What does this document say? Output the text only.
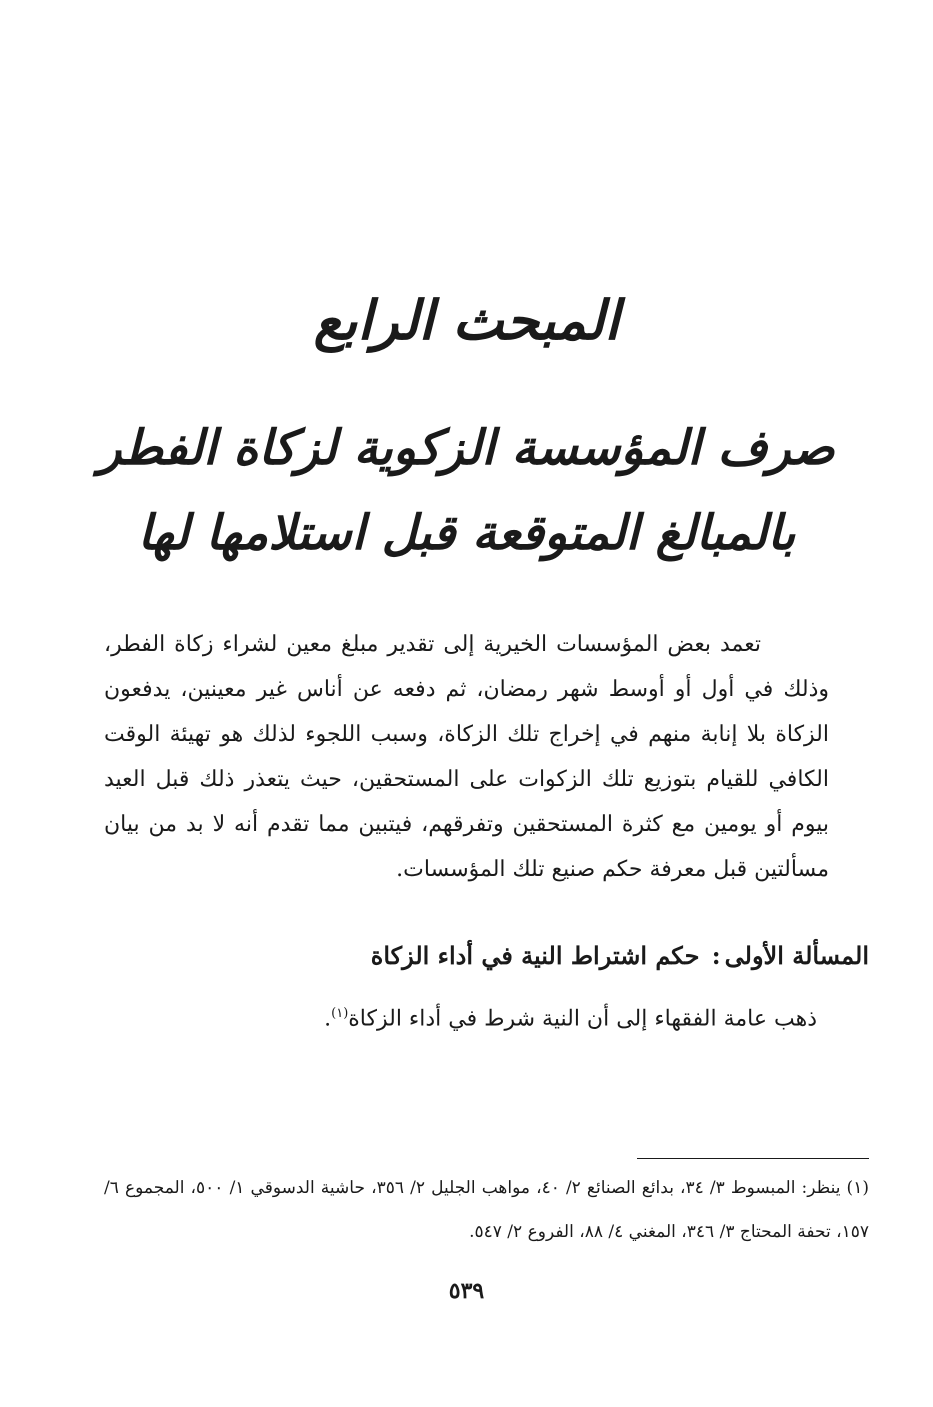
المبحث الرابع
صرف المؤسسة الزكوية لزكاة الفطر
بالمبالغ المتوقعة قبل استلامها لها

تعمد بعض المؤسسات الخيرية إلى تقدير مبلغ معين لشراء زكاة الفطر، وذلك في أول أو أوسط شهر رمضان، ثم دفعه عن أناس غير معينين، يدفعون الزكاة بلا إنابة منهم في إخراج تلك الزكاة، وسبب اللجوء لذلك هو تهيئة الوقت الكافي للقيام بتوزيع تلك الزكوات على المستحقين، حيث يتعذر ذلك قبل العيد بيوم أو يومين مع كثرة المستحقين وتفرقهم، فيتبين مما تقدم أنه لا بد من بيان مسألتين قبل معرفة حكم صنيع تلك المؤسسات.

المسألة الأولى: حكم اشتراط النية في أداء الزكاة
ذهب عامة الفقهاء إلى أن النية شرط في أداء الزكاة$^{(١)}$.

(١) ينظر: المبسوط ٣/ ٣٤، بدائع الصنائع ٢/ ٤٠، مواهب الجليل ٢/ ٣٥٦، حاشية الدسوقي ١/ ٥٠٠، المجموع ٦/ ١٥٧، تحفة المحتاج ٣/ ٣٤٦، المغني ٤/ ٨٨، الفروع ٢/ ٥٤٧.

٥٣٩
